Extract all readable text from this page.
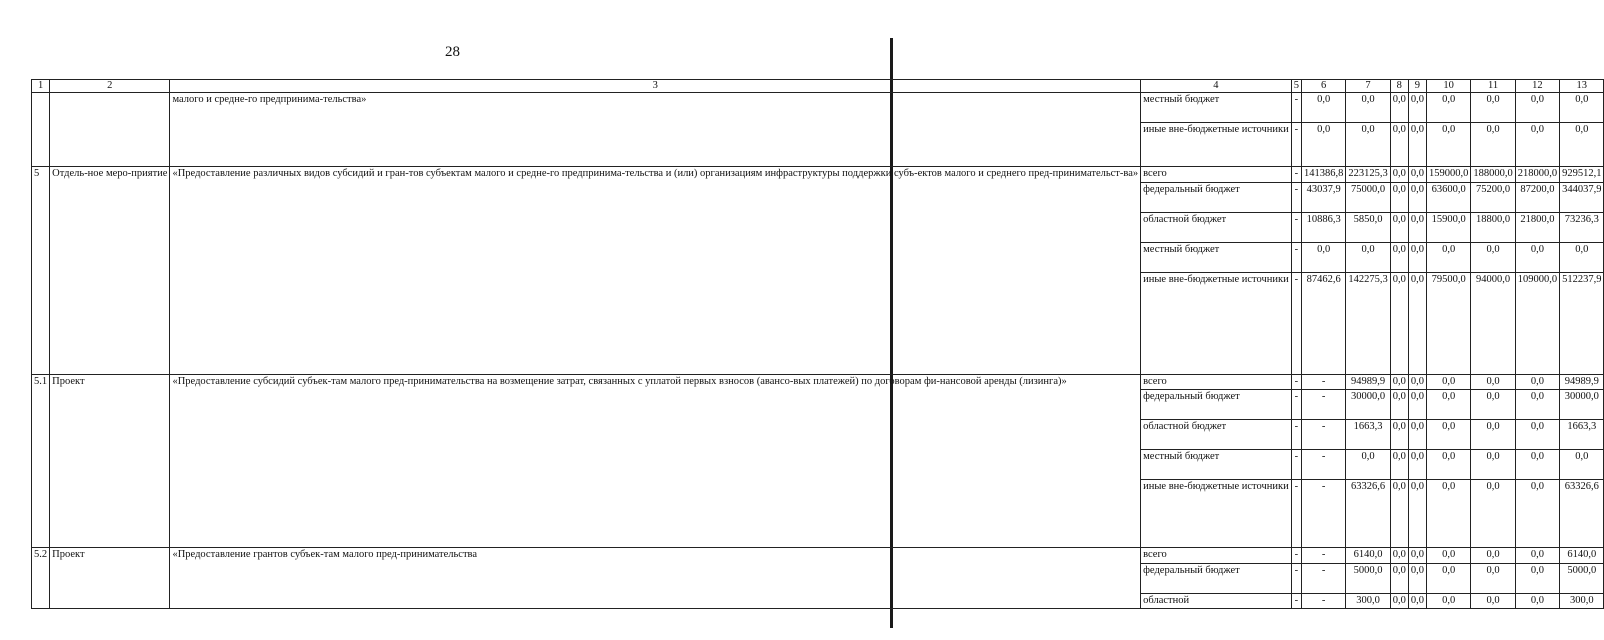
28
1	2	3	4	5	6	7	8	9	10	11	12	13
		малого и средне-го предпринима-тельства»	местный бюджет	-	0,0	0,0	0,0	0,0	0,0	0,0	0,0	0,0
			иные вне-бюджетные источники	-	0,0	0,0	0,0	0,0	0,0	0,0	0,0	0,0
5	Отдель-ное меро-приятие	«Предоставление различных видов субсидий и гран-тов субъектам малого и средне-го предпринима-тельства и (или) организациям инфраструктуры поддержки субъ-ектов малого и среднего пред-принимательст-ва»	всего	-	141386,8	223125,3	0,0	0,0	159000,0	188000,0	218000,0	929512,1
			федеральный бюджет	-	43037,9	75000,0	0,0	0,0	63600,0	75200,0	87200,0	344037,9
			областной бюджет	-	10886,3	5850,0	0,0	0,0	15900,0	18800,0	21800,0	73236,3
			местный бюджет	-	0,0	0,0	0,0	0,0	0,0	0,0	0,0	0,0
			иные вне-бюджетные источники	-	87462,6	142275,3	0,0	0,0	79500,0	94000,0	109000,0	512237,9
5.1	Проект	«Предоставление субсидий субъек-там малого пред-принимательства на возмещение затрат, связанных с уплатой первых взносов (авансо-вых платежей) по договорам фи-нансовой аренды (лизинга)»	всего	-	-	94989,9	0,0	0,0	0,0	0,0	0,0	94989,9
			федеральный бюджет	-	-	30000,0	0,0	0,0	0,0	0,0	0,0	30000,0
			областной бюджет	-	-	1663,3	0,0	0,0	0,0	0,0	0,0	1663,3
			местный бюджет	-	-	0,0	0,0	0,0	0,0	0,0	0,0	0,0
			иные вне-бюджетные источники	-	-	63326,6	0,0	0,0	0,0	0,0	0,0	63326,6
5.2	Проект	«Предоставление грантов субъек-там малого пред-принимательства	всего	-	-	6140,0	0,0	0,0	0,0	0,0	0,0	6140,0
			федеральный бюджет	-	-	5000,0	0,0	0,0	0,0	0,0	0,0	5000,0
			областной	-	-	300,0	0,0	0,0	0,0	0,0	0,0	300,0
